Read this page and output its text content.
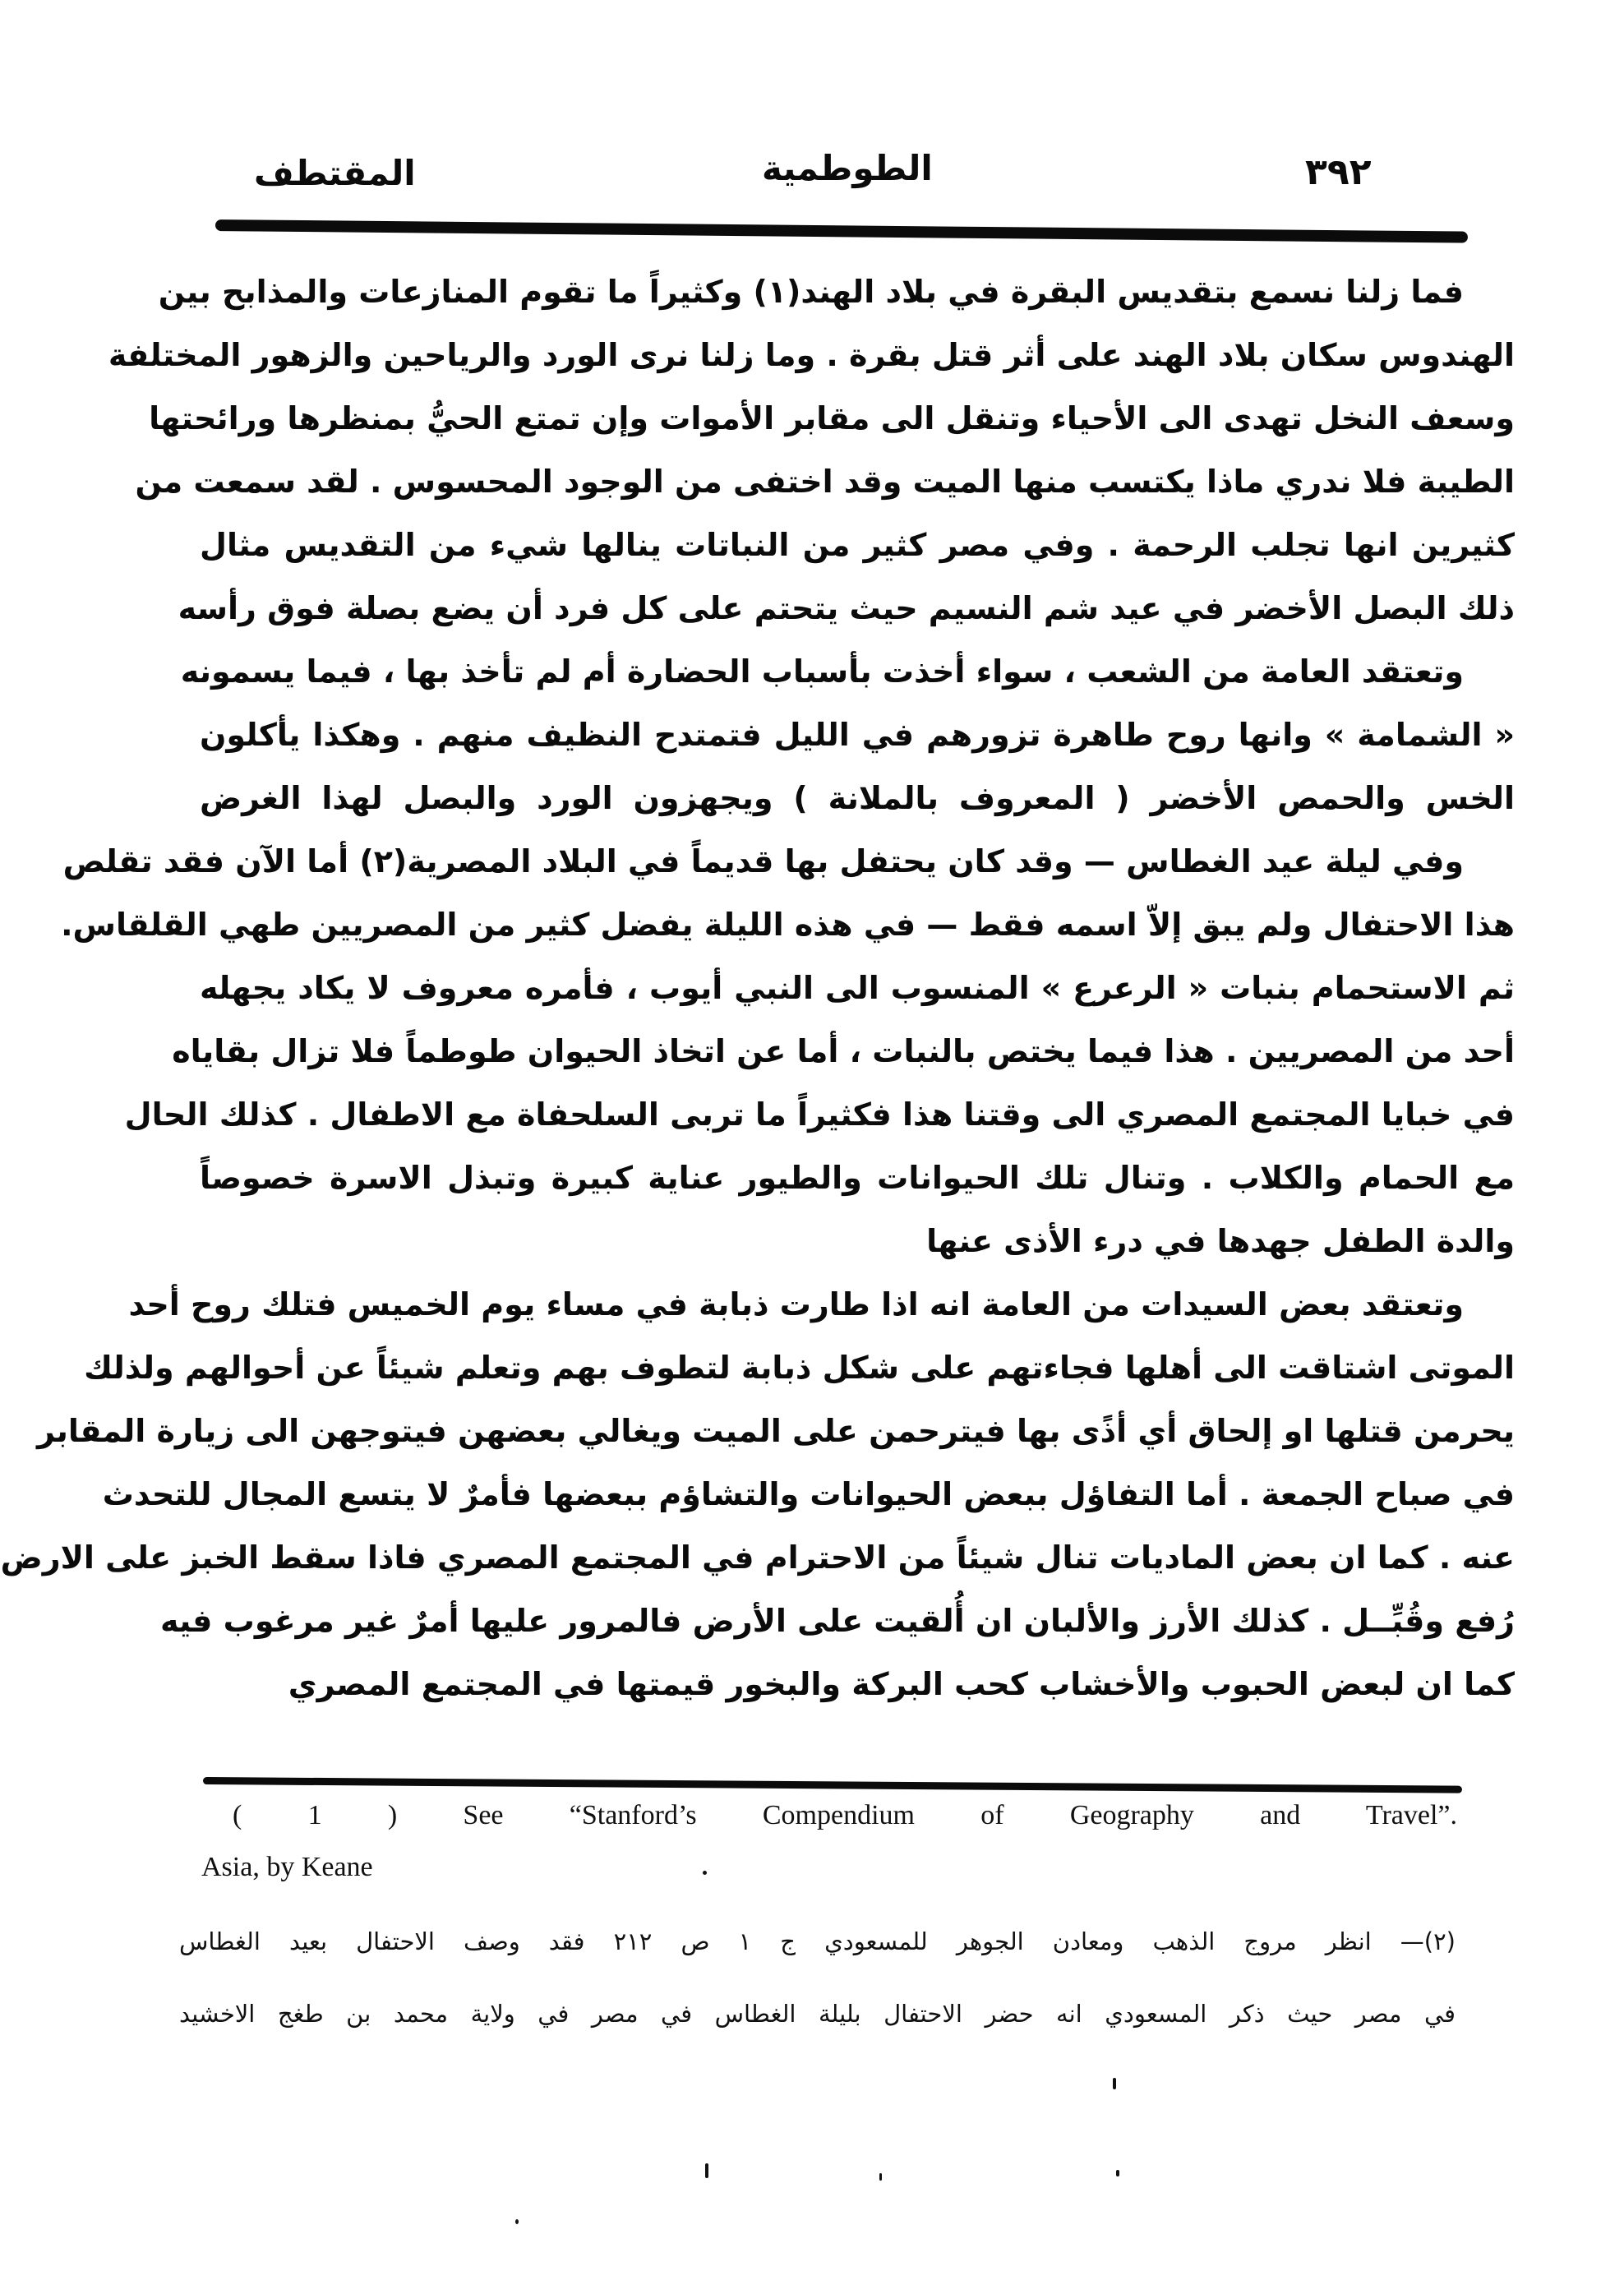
المقتطف	الطوطمية	٣٩٢
فما زلنا نسمع بتقديس البقرة في بلاد الهند(١) وكثيراً ما تقوم المنازعات والمذابح بين
الهندوس سكان بلاد الهند على أثر قتل بقرة . وما زلنا نرى الورد والرياحين والزهور المختلفة
وسعف النخل تهدى الى الأحياء وتنقل الى مقابر الأموات وإن تمتع الحيُّ بمنظرها ورائحتها
الطيبة فلا ندري ماذا يكتسب منها الميت وقد اختفى من الوجود المحسوس . لقد سمعت من
كثيرين انها تجلب الرحمة . وفي مصر كثير من النباتات ينالها شيء من التقديس مثال
ذلك البصل الأخضر في عيد شم النسيم حيث يتحتم على كل فرد أن يضع بصلة فوق رأسه
وتعتقد العامة من الشعب ، سواء أخذت بأسباب الحضارة أم لم تأخذ بها ، فيما يسمونه
« الشمامة » وانها روح طاهرة تزورهم في الليل فتمتدح النظيف منهم . وهكذا يأكلون
الخس والحمص الأخضر ( المعروف بالملانة ) ويجهزون الورد والبصل لهذا الغرض
وفي ليلة عيد الغطاس — وقد كان يحتفل بها قديماً في البلاد المصرية(٢) أما الآن فقد تقلص
هذا الاحتفال ولم يبق إلاّ اسمه فقط — في هذه الليلة يفضل كثير من المصريين طهي القلقاس.
ثم الاستحمام بنبات « الرعرع » المنسوب الى النبي أيوب ، فأمره معروف لا يكاد يجهله
أحد من المصريين . هذا فيما يختص بالنبات ، أما عن اتخاذ الحيوان طوطماً فلا تزال بقاياه
في خبايا المجتمع المصري الى وقتنا هذا فكثيراً ما تربى السلحفاة مع الاطفال . كذلك الحال
مع الحمام والكلاب . وتنال تلك الحيوانات والطيور عناية كبيرة وتبذل الاسرة خصوصاً
والدة الطفل جهدها في درء الأذى عنها
وتعتقد بعض السيدات من العامة انه اذا طارت ذبابة في مساء يوم الخميس فتلك روح أحد
الموتى اشتاقت الى أهلها فجاءتهم على شكل ذبابة لتطوف بهم وتعلم شيئاً عن أحوالهم ولذلك
يحرمن قتلها او إلحاق أي أذًى بها فيترحمن على الميت ويغالي بعضهن فيتوجهن الى زيارة المقابر
في صباح الجمعة . أما التفاؤل ببعض الحيوانات والتشاؤم ببعضها فأمرٌ لا يتسع المجال للتحدث
عنه . كما ان بعض الماديات تنال شيئاً من الاحترام في المجتمع المصري فاذا سقط الخبز على الارض
رُفع وقُبِّــل . كذلك الأرز والألبان ان أُلقيت على الأرض فالمرور عليها أمرٌ غير مرغوب فيه
كما ان لبعض الحبوب والأخشاب كحب البركة والبخور قيمتها في المجتمع المصري
( 1 ) See “Stanford’s Compendium of Geography and Travel”.
Asia, by Keane
(٢)— انظر مروج الذهب ومعادن الجوهر للمسعودي ج ١ ص ٢١٢ فقد وصف الاحتفال بعيد الغطاس
في مصر حيث ذكر المسعودي انه حضر الاحتفال بليلة الغطاس في مصر في ولاية محمد بن طغج الاخشيد
